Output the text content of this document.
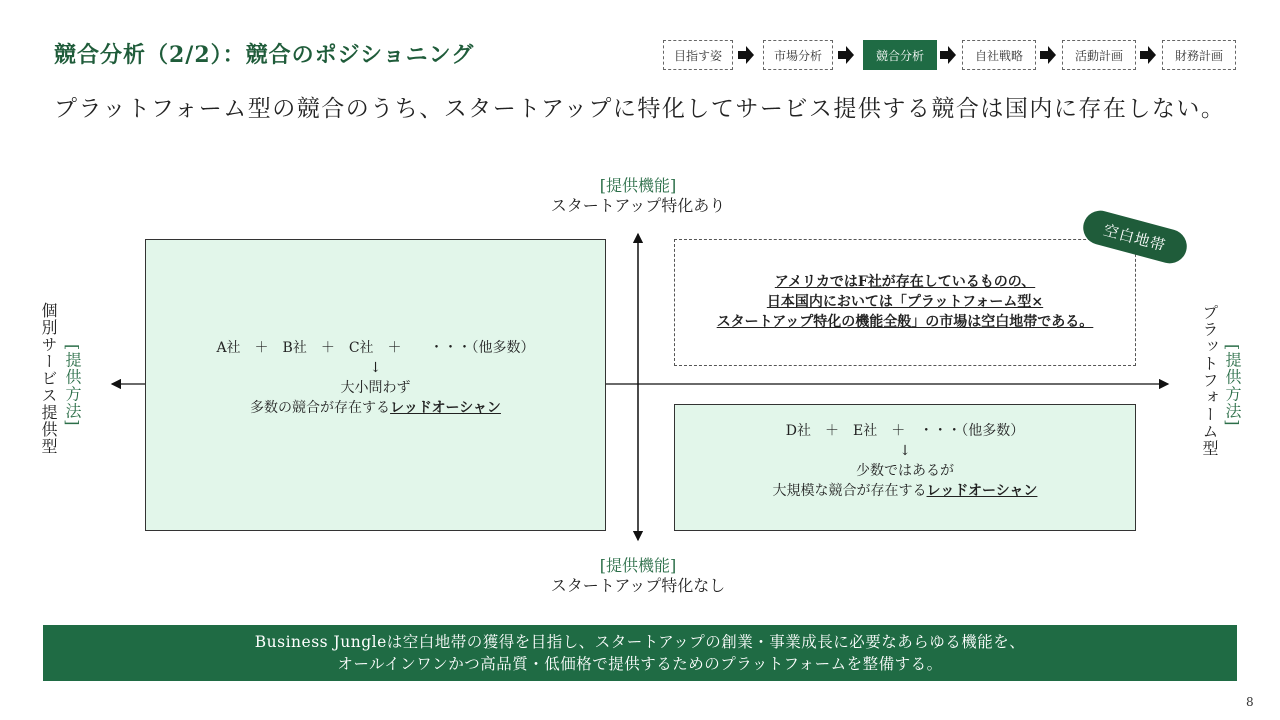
競合分析（2/2）：競合のポジショニング	目指す姿	市場分析	競合分析	自社戦略	活動計画	財務計画
プラットフォーム型の競合のうち、スタートアップに特化してサービス提供する競合は国内に存在しない。
[提供機能]
スタートアップ特化あり
[提供機能]
スタートアップ特化なし
個別サービス提供型 [提供方法]	[提供方法]
プラットフォーム型
A社　＋　B社　＋　C社　＋　　・・・（他多数）
↓
大小問わず
多数の競合が存在するレッドオーシャン
アメリカではF社が存在しているものの、
日本国内においては「プラットフォーム型×
スタートアップ特化の機能全般」の市場は空白地帯である。
空白地帯
D社　＋　E社　＋　・・・（他多数）
↓
少数ではあるが
大規模な競合が存在するレッドオーシャン
Business Jungleは空白地帯の獲得を目指し、スタートアップの創業・事業成長に必要なあらゆる機能を、
オールインワンかつ高品質・低価格で提供するためのプラットフォームを整備する。
8
